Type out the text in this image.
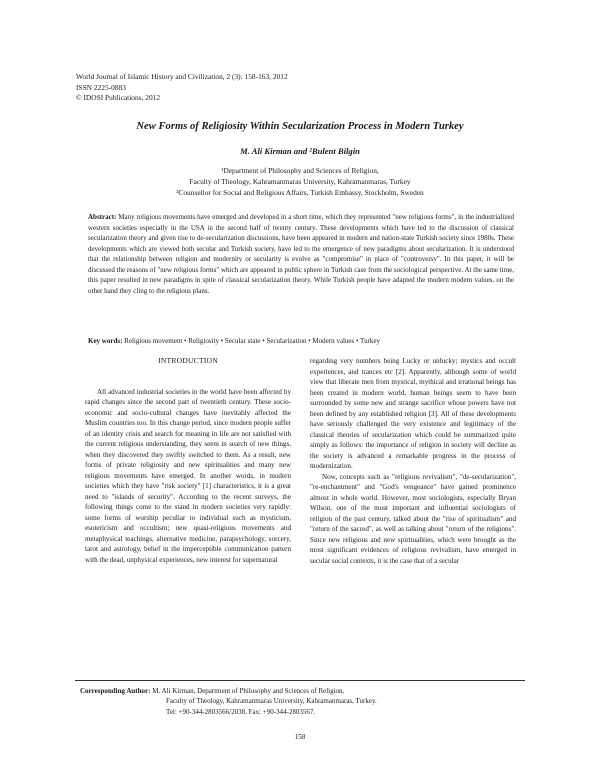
World Journal of Islamic History and Civilization, 2 (3): 158-163, 2012
ISSN 2225-0883
© IDOSI Publications, 2012
New Forms of Religiosity Within Secularization Process in Modern Turkey
M. Ali Kirman and ²Bulent Bilgin
¹Department of Philosophy and Sciences of Religion,
Faculty of Theology, Kahramanmaras University, Kahramanmaras, Turkey
²Counsellor for Social and Religious Affairs, Turkish Embassy, Stockholm, Sweden
Abstract: Many religious movements have emerged and developed in a short time, which they represented "new religious forms", in the industrialized western societies especially in the USA in the second half of twenty century. These developments which have led to the discussion of classical secularization theory and given rise to de-secularization discussions, have been appeared in modern and nation-state Turkish society since 1980s. These developments which are viewed both secular and Turkish society, have led to the emergence of new paradigms about secularization. It is understood that the relationship between religion and modernity or secularity is evolve as "compromise" in place of "controversy". In this paper, it will be discussed the reasons of "new religious forms" which are appeared in public sphere in Turkish case from the sociological perspective. At the same time, this paper resulted in new paradigms in spite of classical secularization theory. While Turkish people have adapted the modern modern values, on the other hand they cling to the religious plans.
Key words: Religious movement • Religiosity • Secular state • Secularization • Modern values • Turkey
INTRODUCTION

All advanced industrial societies in the world have been affected by rapid changes since the second part of twentieth century. These socio-economic and socio-cultural changes have inevitably affected the Muslim countries too. In this change period, since modern people suffer of an identity crisis and search for meaning in life are not satisfied with the current religious understanding, they seem in search of new things, when they discovered they swiftly switched to them. As a result, new forms of private religiosity and new spiritualities and many new religious movements have emerged. In another words, in modern societies which they have "risk society" [1] characteristics, it is a great need to "islands of security". According to the recent surveys, the following things come to the stand in modern societies very rapidly: some forms of worship peculiar to individual such as mysticism, esotericism and occultism; new quasi-religious movements and metaphysical teachings, alternative medicine, parapsychology, sorcery, tarot and astrology, belief in the imperceptible communication pattern with the dead, unphysical experiences, new interest for supernatural

regarding very numbers being Lucky or unlucky; mystics and occult experiences, and trances etc [2]. Apparently, although some of world view that liberate men from mystical, mythical and irrational beings has been created in modern world, human beings seem to have been surrounded by some new and strange sacrifice whose powers have not been defined by any established religion [3]. All of these developments have seriously challenged the very existence and legitimacy of the classical theories of secularization which could be summarized quite simply as follows: the importance of religion in society will decline as the society is advanced a remarkable progress in the process of modernization.

Now, concepts such as "religious revivalism", "de-secularization", "re-enchantment" and "God's vengeance" have gained prominence almost in whole world. However, most sociologists, especially Bryan Wilson, one of the most important and influential sociologists of religion of the past century, talked about the "rise of spiritualism" and "return of the sacred", as well as talking about "return of the religions". Since new religious and new spiritualities, which were brought as the most significant evidences of religious revivalism, have emerged in secular social contexts, it is the case that of a secular

Corresponding Author: M. Ali Kirman, Department of Philosophy and Sciences of Religion,
Faculty of Theology, Kahramanmaras University, Kahramanmaras, Turkey.
Tel: +90-344-2803566/2038, Fax: +90-344-2803567.
158
